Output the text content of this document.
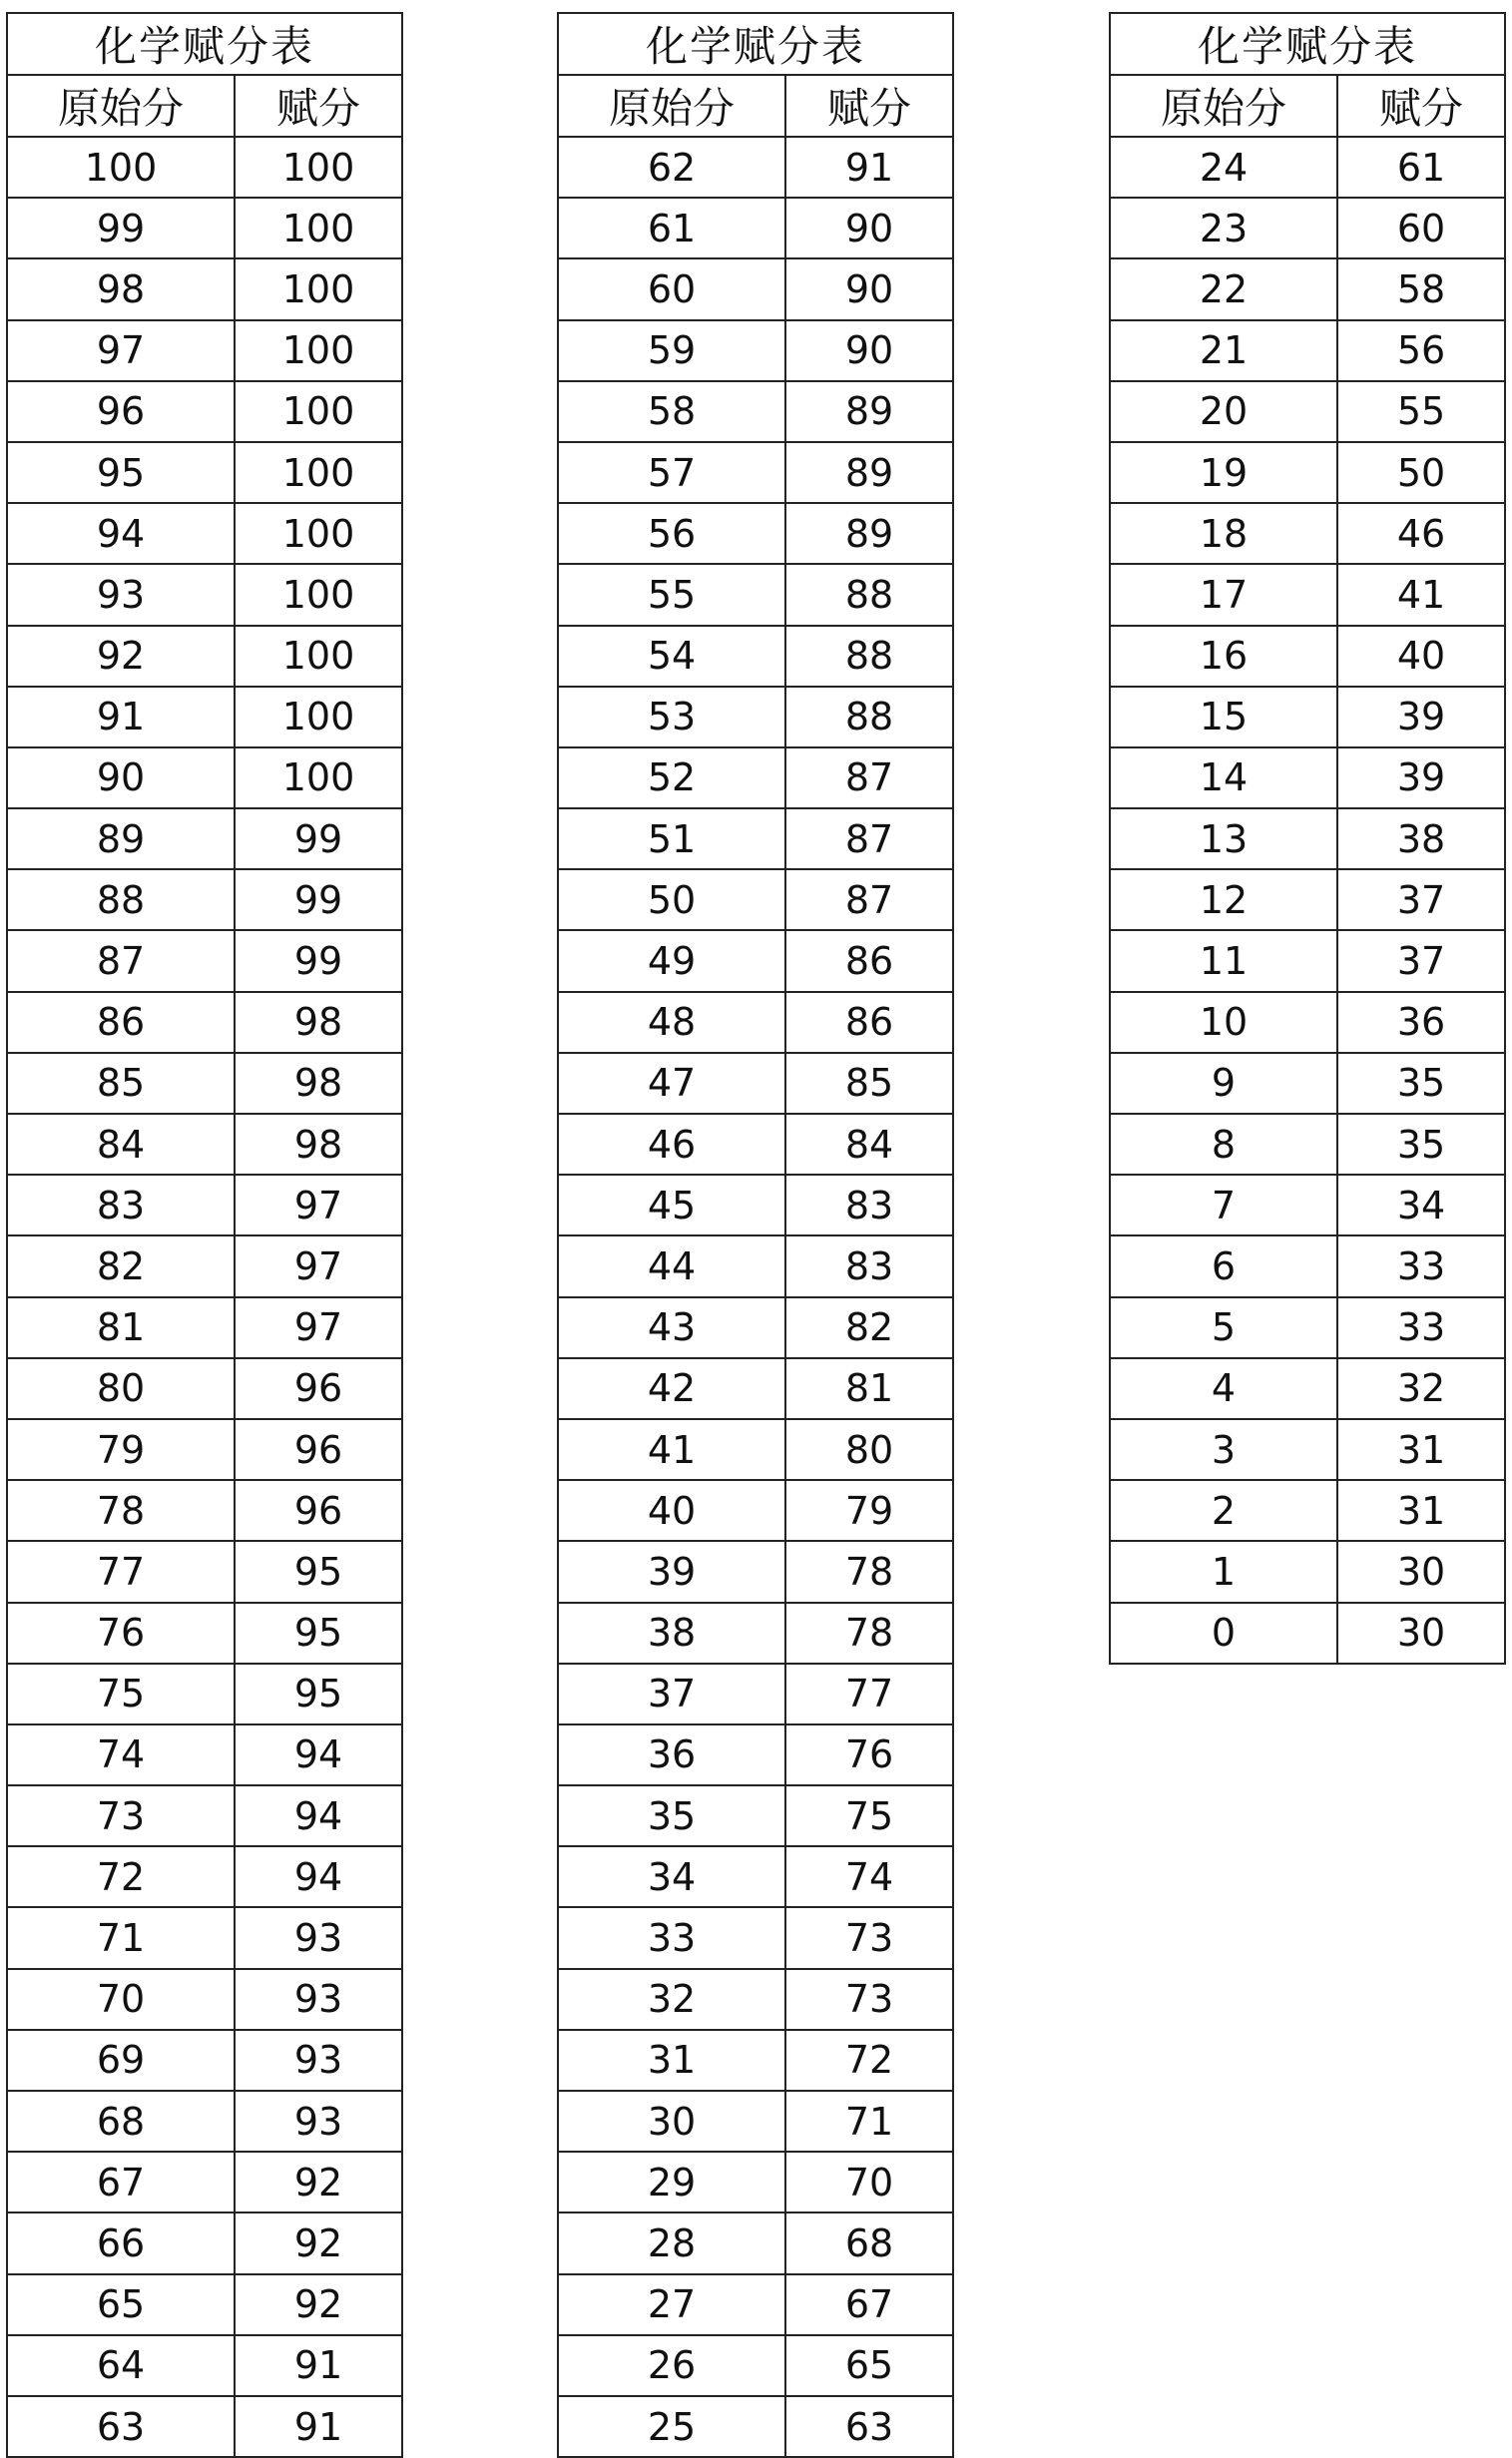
化学赋分表	
原始分	赋分
100	100
99	100
98	100
97	100
96	100
95	100
94	100
93	100
92	100
91	100
90	100
89	99
88	99
87	99
86	98
85	98
84	98
83	97
82	97
81	97
80	96
79	96
78	96
77	95
76	95
75	95
74	94
73	94
72	94
71	93
70	93
69	93
68	93
67	92
66	92
65	92
64	91
63	91
化学赋分表	
原始分	赋分
62	91
61	90
60	90
59	90
58	89
57	89
56	89
55	88
54	88
53	88
52	87
51	87
50	87
49	86
48	86
47	85
46	84
45	83
44	83
43	82
42	81
41	80
40	79
39	78
38	78
37	77
36	76
35	75
34	74
33	73
32	73
31	72
30	71
29	70
28	68
27	67
26	65
25	63
化学赋分表	
原始分	赋分
24	61
23	60
22	58
21	56
20	55
19	50
18	46
17	41
16	40
15	39
14	39
13	38
12	37
11	37
10	36
9	35
8	35
7	34
6	33
5	33
4	32
3	31
2	31
1	30
0	30
